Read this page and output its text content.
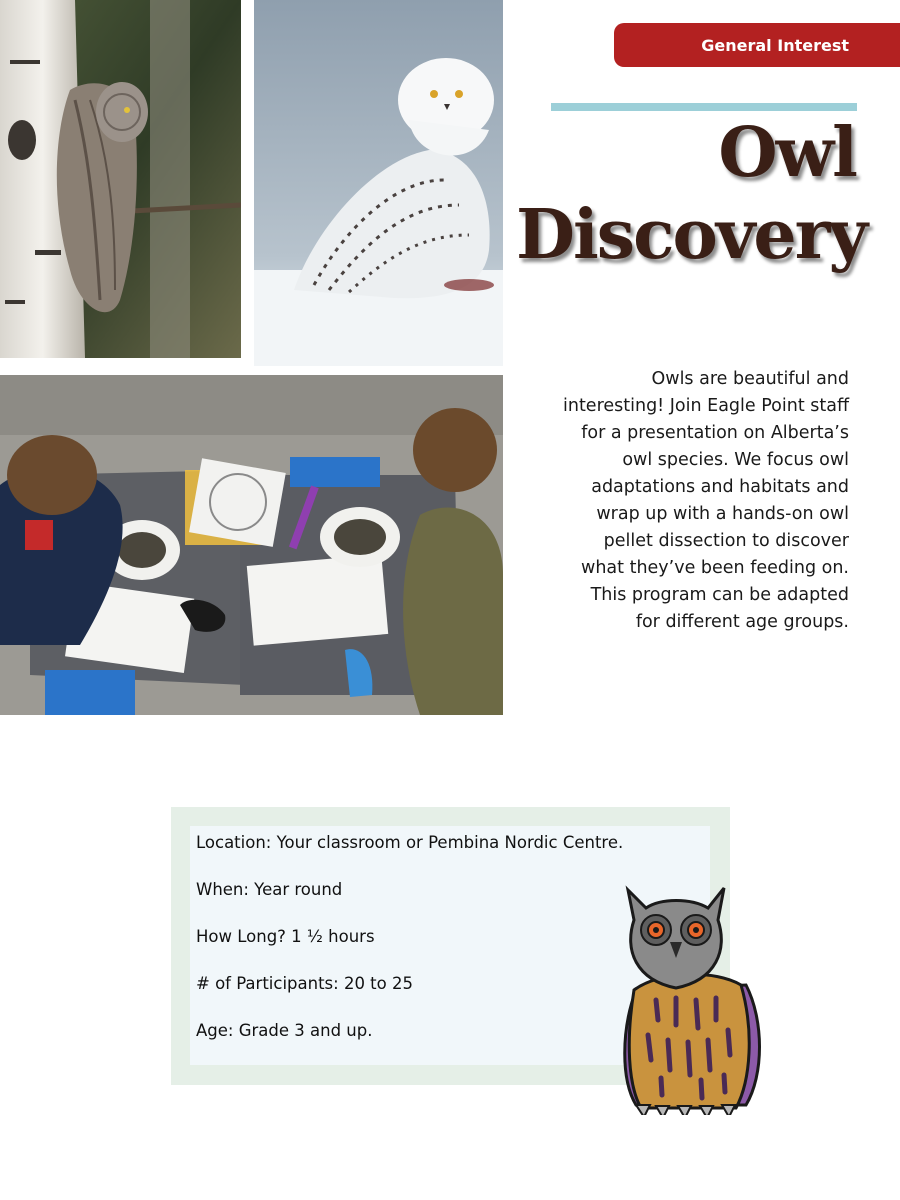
General Interest
Owl
Discovery

Owls are beautiful and interesting! Join Eagle Point staff for a presentation on Alberta’s owl species. We focus owl adaptations and habitats and wrap up with a hands-on owl pellet dissection to discover what they’ve been feeding on. This program can be adapted for different age groups.

Location: Your classroom or Pembina Nordic Centre.
When: Year round
How Long? 1 ½ hours
# of Participants: 20 to 25
Age: Grade 3 and up.
